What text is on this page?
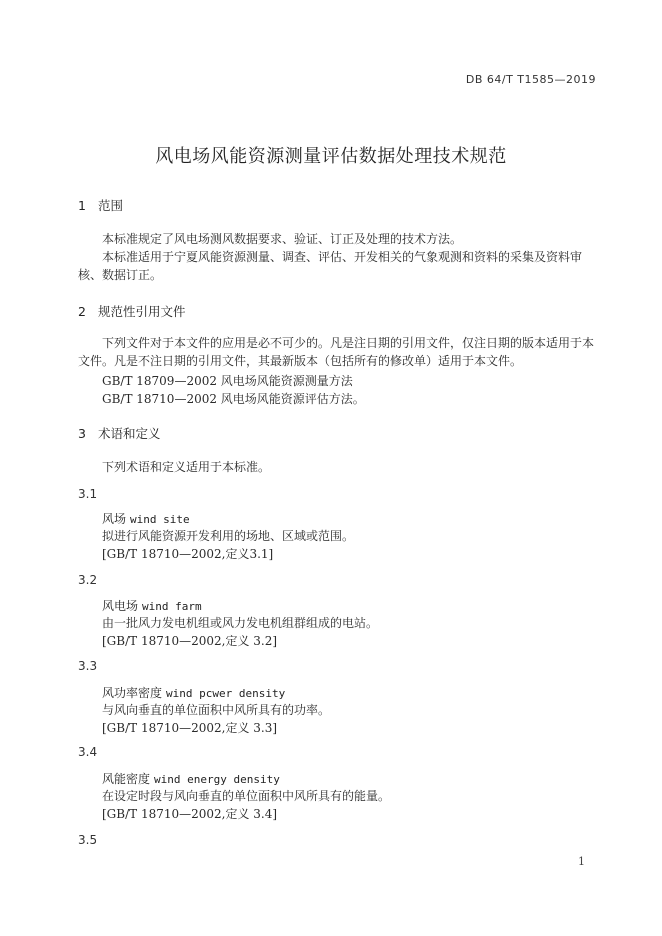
DB 64/T T1585—2019
风电场风能资源测量评估数据处理技术规范
1 范围
本标准规定了风电场测风数据要求、验证、订正及处理的技术方法。
本标准适用于宁夏风能资源测量、调查、评估、开发相关的气象观测和资料的采集及资料审核、数据订正。
2 规范性引用文件
下列文件对于本文件的应用是必不可少的。凡是注日期的引用文件，仅注日期的版本适用于本文件。凡是不注日期的引用文件，其最新版本（包括所有的修改单）适用于本文件。
GB/T 18709—2002 风电场风能资源测量方法
GB/T 18710—2002 风电场风能资源评估方法。
3 术语和定义
下列术语和定义适用于本标准。
3.1
风场 wind site
拟进行风能资源开发利用的场地、区域或范围。
[GB/T 18710—2002,定义3.1]
3.2
风电场 wind farm
由一批风力发电机组或风力发电机组群组成的电站。
[GB/T 18710—2002,定义 3.2]
3.3
风功率密度 wind pcwer density
与风向垂直的单位面积中风所具有的功率。
[GB/T 18710—2002,定义 3.3]
3.4
风能密度 wind energy density
在设定时段与风向垂直的单位面积中风所具有的能量。
[GB/T 18710—2002,定义 3.4]
3.5
1
